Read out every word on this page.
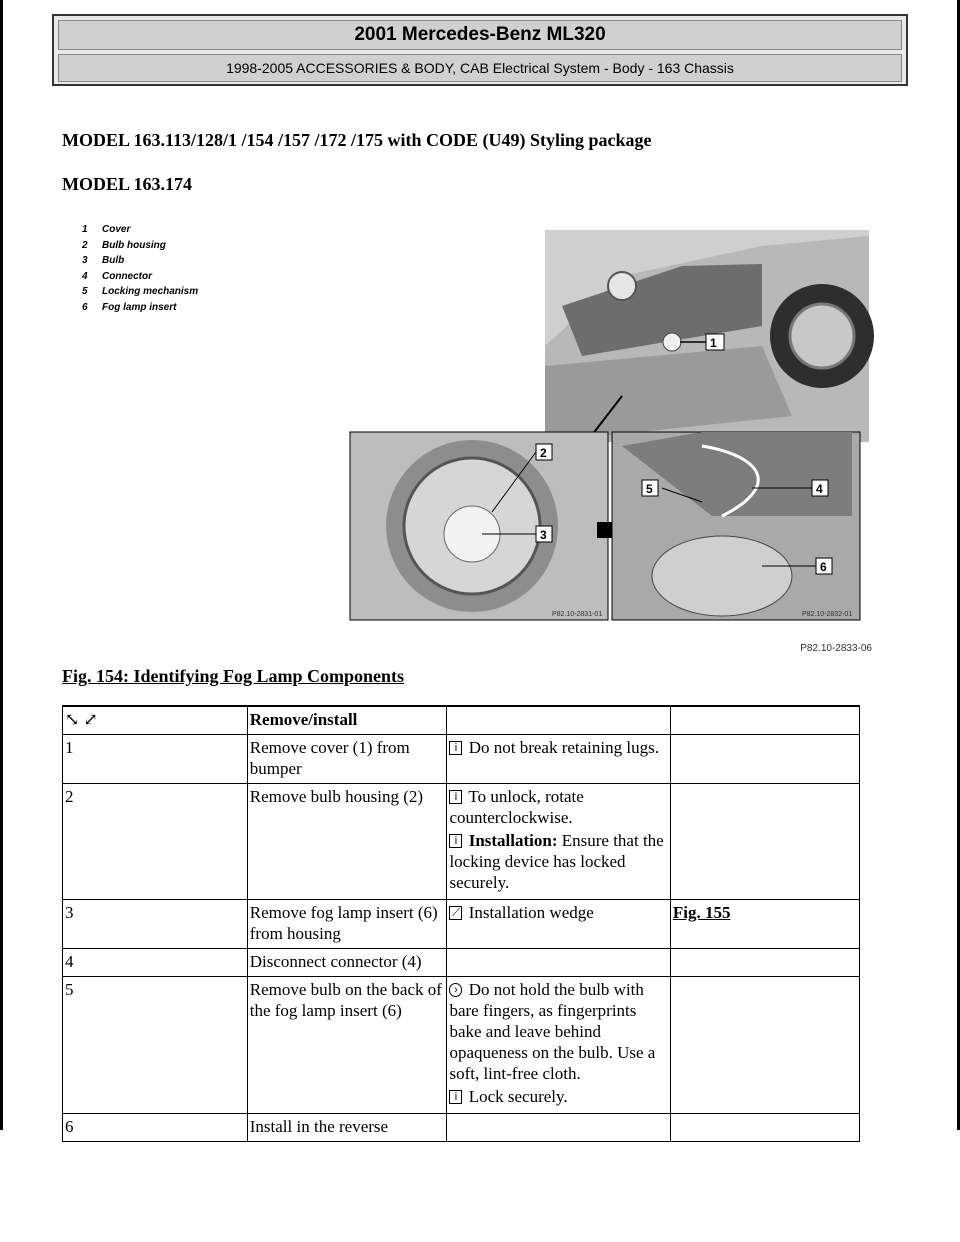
2001 Mercedes-Benz ML320
1998-2005 ACCESSORIES & BODY, CAB Electrical System - Body - 163 Chassis
MODEL 163.113/128/1 /154 /157 /172 /175 with CODE (U49) Styling package
MODEL 163.174
1	Cover
2	Bulb housing
3	Bulb
4	Connector
5	Locking mechanism
6	Fog lamp insert
1
2
3
P82.10-2831-01
4
5
6
P82.10-2832-01
P82.10-2833-06
Fig. 154: Identifying Fog Lamp Components
⤡ ⤢	Remove/install		
1	Remove cover (1) from bumper	i Do not break retaining lugs.	

2	Remove bulb housing (2)	i To unlock, rotate counterclockwise.
i Installation: Ensure that the locking device has locked securely.	

3	Remove fog lamp insert (6) from housing	⟋ Installation wedge	Fig. 155
4	Disconnect connector (4)		
5	Remove bulb on the back of the fog lamp insert (6)	› Do not hold the bulb with bare fingers, as fingerprints bake and leave behind opaqueness on the bulb. Use a soft, lint-free cloth.
i Lock securely.	

6	Install in the reverse		
